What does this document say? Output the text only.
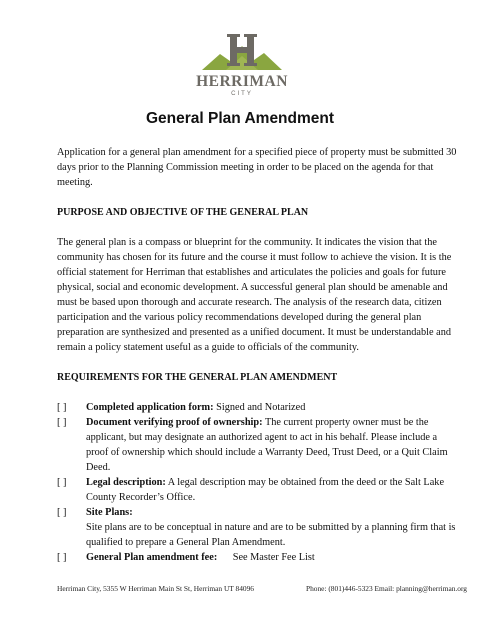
HERRIMAN
CITY
General Plan Amendment

Application for a general plan amendment for a specified piece of property must be submitted 30 days prior to the Planning Commission meeting in order to be placed on the agenda for that meeting.

PURPOSE AND OBJECTIVE OF THE GENERAL PLAN

The general plan is a compass or blueprint for the community. It indicates the vision that the community has chosen for its future and the course it must follow to achieve the vision. It is the official statement for Herriman that establishes and articulates the policies and goals for future physical, social and economic development. A successful general plan should be amenable and must be based upon thorough and accurate research. The analysis of the research data, citizen participation and the various policy recommendations developed during the general plan preparation are synthesized and presented as a unified document. It must be understandable and remain a policy statement useful as a guide to officials of the community.

REQUIREMENTS FOR THE GENERAL PLAN AMENDMENT

[ ] Completed application form: Signed and Notarized
[ ] Document verifying proof of ownership: The current property owner must be the applicant, but may designate an authorized agent to act in his behalf. Please include a proof of ownership which should include a Warranty Deed, Trust Deed, or a Quit Claim Deed.
[ ] Legal description: A legal description may be obtained from the deed or the Salt Lake County Recorder’s Office.
[ ] Site Plans:
Site plans are to be conceptual in nature and are to be submitted by a planning firm that is qualified to prepare a General Plan Amendment.
[ ] General Plan amendment fee:      See Master Fee List
Herriman City, 5355 W Herriman Main St St, Herriman UT 84096	Phone: (801)446-5323 Email: planning@herriman.org
